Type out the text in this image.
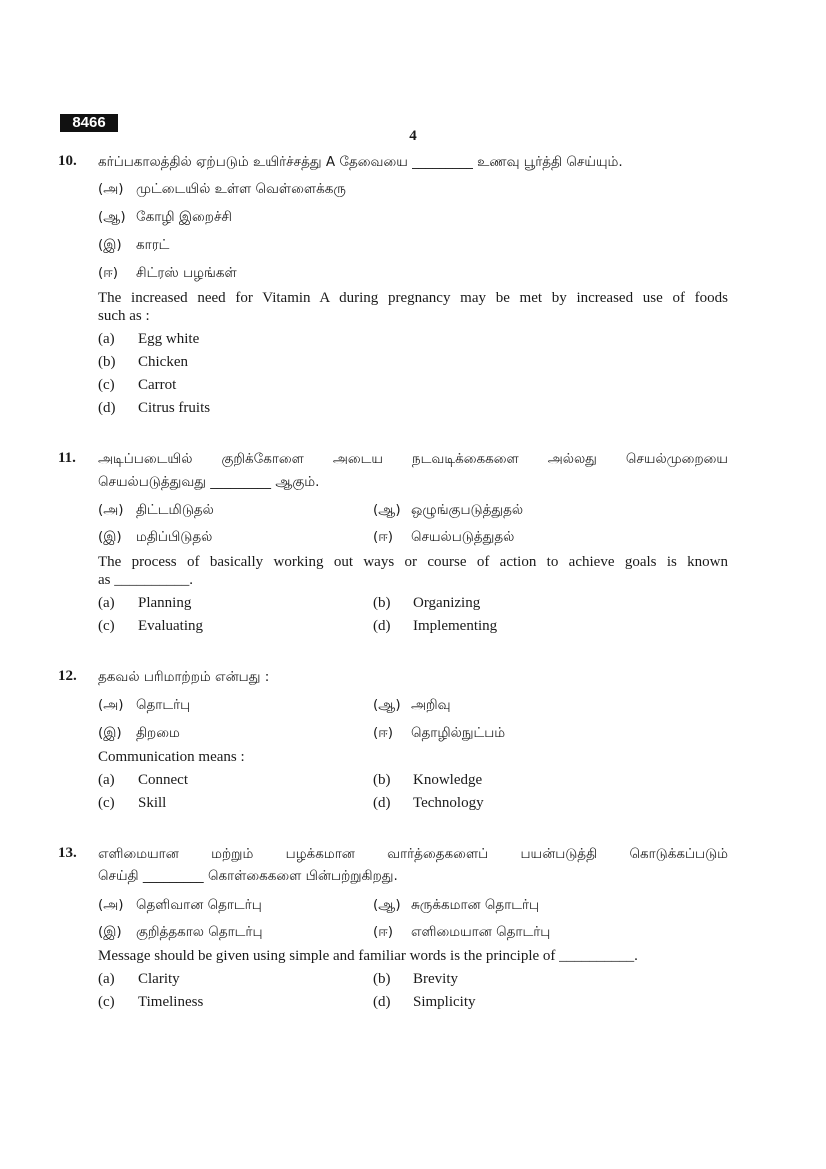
8466
4
10. கர்ப்பகாலத்தில் ஏற்படும் உயிர்ச்சத்து A தேவையை _________ உணவு பூர்த்தி செய்யும்.
(அ) முட்டையில் உள்ள வெள்ளைக்கரு
(ஆ) கோழி இறைச்சி
(இ) காரட்
(ஈ) சிட்ரஸ் பழங்கள்
The increased need for Vitamin A during pregnancy may be met by increased use of foods
such as :
(a) Egg white
(b) Chicken
(c) Carrot
(d) Citrus fruits
11. அடிப்படையில் குறிக்கோளை அடைய நடவடிக்கைகளை அல்லது செயல்முறையை
செயல்படுத்துவது _________ ஆகும்.
(அ) திட்டமிடுதல்	(ஆ) ஒழுங்குபடுத்துதல்
(இ) மதிப்பிடுதல்	(ஈ) செயல்படுத்துதல்
The process of basically working out ways or course of action to achieve goals is known
as __________.
(a) Planning	(b) Organizing
(c) Evaluating	(d) Implementing
12. தகவல் பரிமாற்றம் என்பது :
(அ) தொடர்பு	(ஆ) அறிவு
(இ) திறமை	(ஈ) தொழில்நுட்பம்
Communication means :
(a) Connect	(b) Knowledge
(c) Skill	(d) Technology
13. எளிமையான மற்றும் பழக்கமான வார்த்தைகளைப் பயன்படுத்தி கொடுக்கப்படும்
செய்தி _________ கொள்கைகளை பின்பற்றுகிறது.
(அ) தெளிவான தொடர்பு	(ஆ) சுருக்கமான தொடர்பு
(இ) குறித்தகால தொடர்பு	(ஈ) எளிமையான தொடர்பு
Message should be given using simple and familiar words is the principle of __________.
(a) Clarity	(b) Brevity
(c) Timeliness	(d) Simplicity
